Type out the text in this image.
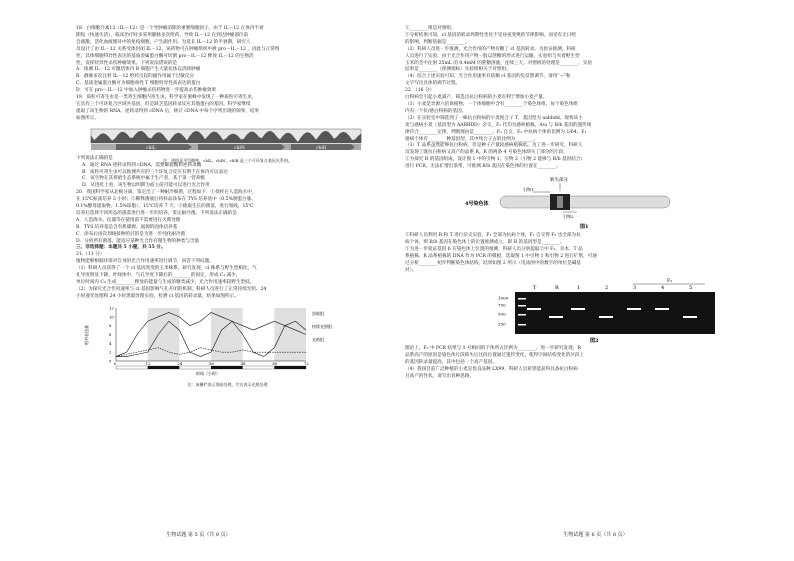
18．白细胞介素12（IL－12）是一个导肿瘤消除的重要细胞因子。由于 IL－12 在体内半衰
期短（快速失活），临床治疗时多采用静脉多次给药，导致 IL－12 在到达肿瘤部位前
会剧激，活化血液循环中的免疫细胞，产生副作用。为延长 IL－12 的半衰期，研究人
员设计了由 IL－12 关系受体封闭 IL－12，该药物可在肿瘤组织中被 pro－IL－12 ，因此与正常组
性；其体细胞特异性表达的基质金属蛋白酶可切割 pro－IL－12 释放 IL－12 的生物活
性，发挥特异性杀伤肿瘤效果。下列说法错误的是
A．推测 IL－12 可激活体内 B 细胞产生大量抗体以清除肿瘤
B．静脉多次注射 IL－12 给药引起的副作用属于过敏反应
C．基质金属蛋白酶可为细胞毒性 T 细胞特异性高表达的蛋白
D．可在 pro－IL－12 中加入肿瘤杀伤药物进一步提高杀伤肿瘤效果
19．质粒可寄生虫是一类寄生细胞内寄生虫。科学家在蜜蜂中发现了一种质粒可寄生虫，
它具有三个可环复合区域共基因，但是缺乏基因转录反应其他蛋白的基因。科学家继续
提取了该生物的 RNA，逆转录得到 cDNA 后，统计 cDNA 中每个序列出现的频率，结果
如图所示。
chlL	chlN	chlB
注：透线是平均概率，chlL、chlN、chlB 是三个可环复合基因关系图。
下列说法正确的是
A．通过 RNA 逆转录得到 cDNA，需要解旋酶和逆转录酶
B．质粒可寄生虫可以推测共有的三个环复合反应有利于在体内可以表达
C．该生物在其将暗生态系统中属于生产者，基于第一营养级
D．从进化上看，该生物以明期为宿主前可能可以进行光合作用
20．我国科学家从北极分离、鉴定出了一种耐冷细菌，过程如下：①找样在人造海水中，
在 15℃振荡培养 3 小时；②稀释菌液后将样品涂布在 TYS 培养基中（0.5%胰蛋白胨、
0.1%酵母提取物、1.5%琼脂），15℃培养 7 天；③挑取生长的菌落，进行划线，15℃
培养后选择不同形态的菌落进行进一步的培养，鉴定耐冷菌。下列说法正确的是
A．人造海水、仪器等在使用前不需要进行灭菌处理
B．TYS 培养基是含有机碳源、氮源的固体培养基
C．涂布后再次划线接种的目的是为进一步纯化耐冷菌
D．分析所有菌落，能适应某种光合作有微生物的种类与含量
三、非选择题：本题共 5 小题，共 55 分。
21.（11 分）
植物能够根据环境对自身的光合作用速率进行调节，回答下列问题。
（1）科研人员获得了一个 cl 基因突变的玉米株系。研究发现，cl 株系与野生型相比，气
孔导度明显下降。叶绿体中，气孔导度下降后的________的固定，形成 C₃ 减少，
单位时间内 C₃ 生成________释放的能量与生成的糖类减少，光合作用速率较野生型低。
（2）为探究光合作用速率与 cl 基因影响气孔开闭的机制，科研人员进行了正常持续光照、24
小时递光处理和 24 小时黑暗处理实验，检测 cl 基因的转录量，结果如图所示。
相对表达量
0
2
4
6
8
10
12
0	12	24	36	48	60	72
黑暗组
持续光照组
光暗组
时间（小时）
注：该栅栏表示黑暗处理，空白表示光照处理
生物试题 第 5 页（共 8 页）
①________组是对照组。
②分析结果可知，cl 基因的转录周期性变化不受昼夜变换的节律影响，而受有无日照
的影响，判断依据是________。
（3）科研人员进一步推测，光合作用的产物有糖了 cl 基因转录。为验证推测，科研
人员进行了实验，由于光合作用产物一般以蔗糖的形式进行运输，实验组与夹着野生型
玉米的茎中注射 25mL 的 0.4mM 的蔗糖溶液，连续三天。对照组的处理是________。实验
结果是________（预测指标）实验组相关于对照组。
（4）综合上述实验可知，光合作用速率有依赖 cl 基因的负反馈调节。请用“→”和
文字写出具体的调节过程。
22．（16 分）
白粉病会引起小麦减产，筛选出抗白粉病的小麦有利于增加小麦产量。
（1）小麦是异源六倍体植物，一个体细胞中含有________个染色体组，每个染色体组
内有一个抗/感白粉病的基因。
（2）在实验室中筛选到了一株抗白粉病的小麦纯合子 T，基因型为 aabbdd。现将该小
麦与感病小麦（基因型为 AABBDD）杂交，F₁ 代均为感病植株，A/a 与 B/b 基因的遗传规
律符合________定律，判断理由是________。F₁ 自交，F₂ 中抗病个体的比例为 1/64，F₂
感病个体有________种基因型，其中纯合子占的比例为________。
（3）T 品系虽然能够抗白粉病，但是种子产量较感病植株低。为了进一步研究，科研人
员发现了既抗白粉病又高产的品系 R，R 的两条 4 号染色体缺失了部分的片段。
①为探究 R 的基因组成，设计图 1 中的引物 1、引物 2（引物 2 能够与 B/b 基因结合）
进行 PCR，无法扩增出条带，可推测 B/b 基因在染色体的位置在________。
缺失部分
4号染色体
引物1
引物2
图1
②科研人员利用 R 和 T 进行杂交实验，F₁ 全部为抗病个体，F₁ 自交得 F₂ 也全部为抗
病个体，则 B/b 基因在染色体上的位置推测成立，即 R 的基因型是________。
③为进一步验证基因 b 在染色体上位置的推测，科研人员分别提取②中 F₂、亲本、T 品
系植株，R 品系植株的 DNA 作为 PCR 的模板，选取图 1 中引物 1 和引物 2 进行扩增，可通
过分析________初步判断染色体结构，结果如图 2 所示（电泳图中的数字的单位是碱基
对）。
F₂
T	R	1	2	3	4	5
1000
750
500
250
图2
理论上，F₂ 中 PCR 结果与 1 号相同的个体所占比例为________。进一步研究发现，R
品系高产的原因是染色体片段缺失后这段位置通过遗传变化，使得空间结构变化的区段上
的基因转录量提高，其中包括一个高产基因。
（4）我国目前广泛种植的小麦是优良品种 LX99，科研人员希望能获得具备抗白粉病
且高产的性状。请写出育种思路。
生物试题 第 6 页（共 8 页）
